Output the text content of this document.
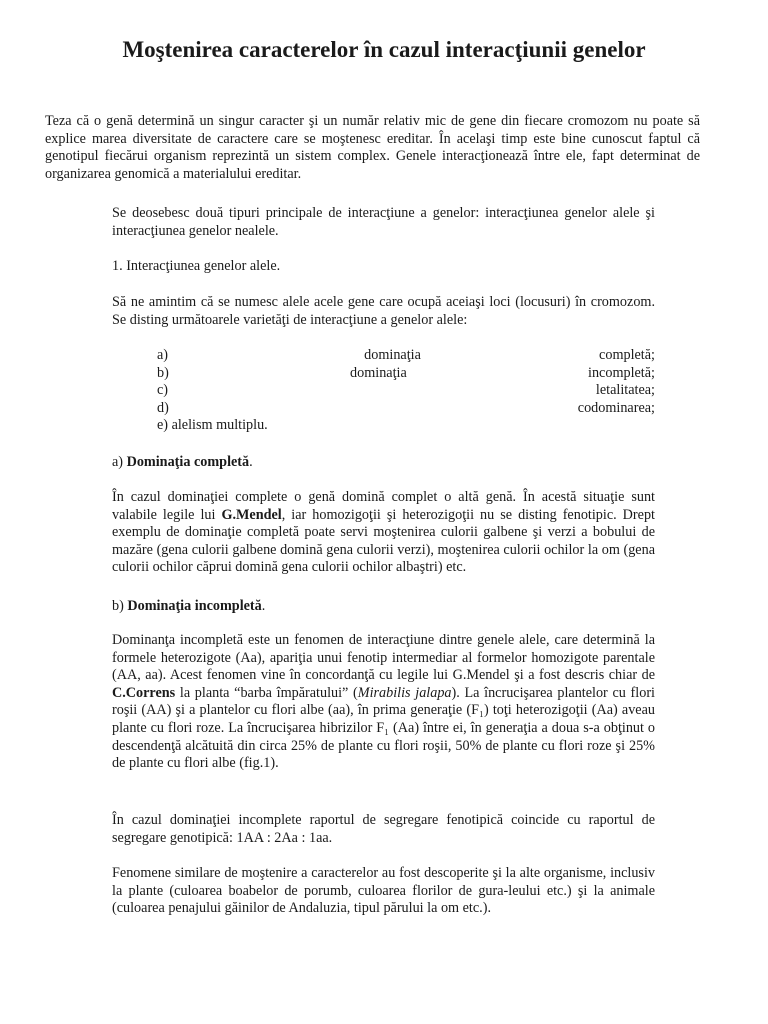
Moştenirea caracterelor în cazul interacţiunii genelor

Teza că o genă determină un singur caracter şi un număr relativ mic de gene din fiecare cromozom nu poate să explice marea diversitate de caractere care se moştenesc ereditar. În acelaşi timp este bine cunoscut faptul că genotipul fiecărui organism reprezintă un sistem complex. Genele interacţionează între ele, fapt determinat de organizarea genomică a materialului ereditar.

Se deosebesc două tipuri principale de interacţiune a genelor: interacţiunea genelor alele şi interacţiunea genelor nealele.

1. Interacţiunea genelor alele.

Să ne amintim că se numesc alele acele gene care ocupă aceiaşi loci (locusuri) în cromozom. Se disting următoarele varietăţi de interacţiune a genelor alele:

a)	dominaţia	completă;
b)	dominaţia	incompletă;
c)	letalitatea;
d)	codominarea;
e) alelism multiplu.

a) Dominaţia completă.

În cazul dominaţiei complete o genă domină complet o altă genă. În acestă situaţie sunt valabile legile lui G.Mendel, iar homozigoţii şi heterozigoţii nu se disting fenotipic. Drept exemplu de dominaţie completă poate servi moştenirea culorii galbene şi verzi a bobului de mazăre (gena culorii galbene domină gena culorii verzi), moştenirea culorii ochilor la om (gena culorii ochilor căprui domină gena culorii ochilor albaştri) etc.

b) Dominaţia incompletă.

Dominanţa incompletă este un fenomen de interacţiune dintre genele alele, care determină la formele heterozigote (Aa), apariţia unui fenotip intermediar al formelor homozigote parentale (AA, aa). Acest fenomen vine în concordanţă cu legile lui G.Mendel şi a fost descris chiar de C.Correns la planta “barba împăratului” (Mirabilis jalapa). La încrucişarea plantelor cu flori roşii (AA) şi a plantelor cu flori albe (aa), în prima generaţie (F₁) toţi heterozigoţii (Aa) aveau plante cu flori roze. La încrucişarea hibrizilor F₁ (Aa) între ei, în generaţia a doua s-a obţinut o descendenţă alcătuită din circa 25% de plante cu flori roşii, 50% de plante cu flori roze şi 25% de plante cu flori albe (fig.1).

În cazul dominaţiei incomplete raportul de segregare fenotipică coincide cu raportul de segregare genotipică: 1AA : 2Aa : 1aa.

Fenomene similare de moştenire a caracterelor au fost descoperite şi la alte organisme, inclusiv la plante (culoarea boabelor de porumb, culoarea florilor de gura-leului etc.) şi la animale (culoarea penajului găinilor de Andaluzia, tipul părului la om etc.).
